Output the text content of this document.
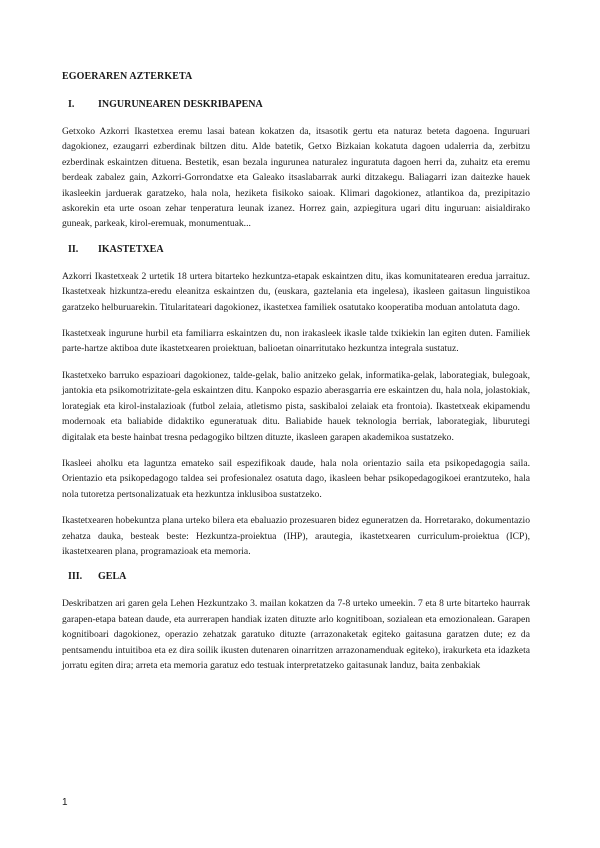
EGOERAREN AZTERKETA
I.	INGURUNEAREN DESKRIBAPENA

Getxoko Azkorri Ikastetxea eremu lasai batean kokatzen da, itsasotik gertu eta naturaz beteta dagoena. Inguruari dagokionez, ezaugarri ezberdinak biltzen ditu. Alde batetik, Getxo Bizkaian kokatuta dagoen udalerria da, zerbitzu ezberdinak eskaintzen dituena. Bestetik, esan bezala ingurunea naturalez inguratuta dagoen herri da, zuhaitz eta eremu berdeak zabalez gain, Azkorri-Gorrondatxe eta Galeako itsaslabarrak aurki ditzakegu. Baliagarri izan daitezke hauek ikasleekin jarduerak garatzeko, hala nola, heziketa fisikoko saioak. Klimari dagokionez, atlantikoa da, prezipitazio askorekin eta urte osoan zehar tenperatura leunak izanez. Horrez gain, azpiegitura ugari ditu inguruan: aisialdirako guneak, parkeak, kirol-eremuak, monumentuak...

II.	IKASTETXEA

Azkorri Ikastetxeak 2 urtetik 18 urtera bitarteko hezkuntza-etapak eskaintzen ditu, ikas komunitatearen eredua jarraituz. Ikastetxeak hizkuntza-eredu eleanitza eskaintzen du, (euskara, gaztelania eta ingelesa), ikasleen gaitasun linguistikoa garatzeko helburuarekin. Titularitateari dagokionez, ikastetxea familiek osatutako kooperatiba moduan antolatuta dago.

Ikastetxeak ingurune hurbil eta familiarra eskaintzen du, non irakasleek ikasle talde txikiekin lan egiten duten. Familiek parte-hartze aktiboa dute ikastetxearen proiektuan, balioetan oinarritutako hezkuntza integrala sustatuz.

Ikastetxeko barruko espazioari dagokionez, talde-gelak, balio anitzeko gelak, informatika-gelak, laborategiak, bulegoak, jantokia eta psikomotrizitate-gela eskaintzen ditu. Kanpoko espazio aberasgarria ere eskaintzen du, hala nola, jolastokiak, lorategiak eta kirol-instalazioak (futbol zelaia, atletismo pista, saskibaloi zelaiak eta frontoia). Ikastetxeak ekipamendu modernoak eta baliabide didaktiko eguneratuak ditu. Baliabide hauek teknologia berriak, laborategiak, liburutegi digitalak eta beste hainbat tresna pedagogiko biltzen dituzte, ikasleen garapen akademikoa sustatzeko.

Ikasleei aholku eta laguntza emateko sail espezifikoak daude, hala nola orientazio saila eta psikopedagogia saila. Orientazio eta psikopedagogo taldea sei profesionalez osatuta dago, ikasleen behar psikopedagogikoei erantzuteko, hala nola tutoretza pertsonalizatuak eta hezkuntza inklusiboa sustatzeko.

Ikastetxearen hobekuntza plana urteko bilera eta ebaluazio prozesuaren bidez eguneratzen da. Horretarako, dokumentazio zehatza dauka, besteak beste: Hezkuntza-proiektua (IHP), arautegia, ikastetxearen curriculum-proiektua (ICP), ikastetxearen plana, programazioak eta memoria.

III.	GELA

Deskribatzen ari garen gela Lehen Hezkuntzako 3. mailan kokatzen da 7-8 urteko umeekin. 7 eta 8 urte bitarteko haurrak garapen-etapa batean daude, eta aurrerapen handiak izaten dituzte arlo kognitiboan, sozialean eta emozionalean. Garapen kognitiboari dagokionez, operazio zehatzak garatuko dituzte (arrazonaketak egiteko gaitasuna garatzen dute; ez da pentsamendu intuitiboa eta ez dira soilik ikusten dutenaren oinarritzen arrazonamenduak egiteko), irakurketa eta idazketa jorratu egiten dira; arreta eta memoria garatuz edo testuak interpretatzeko gaitasunak landuz, baita zenbakiak

1
